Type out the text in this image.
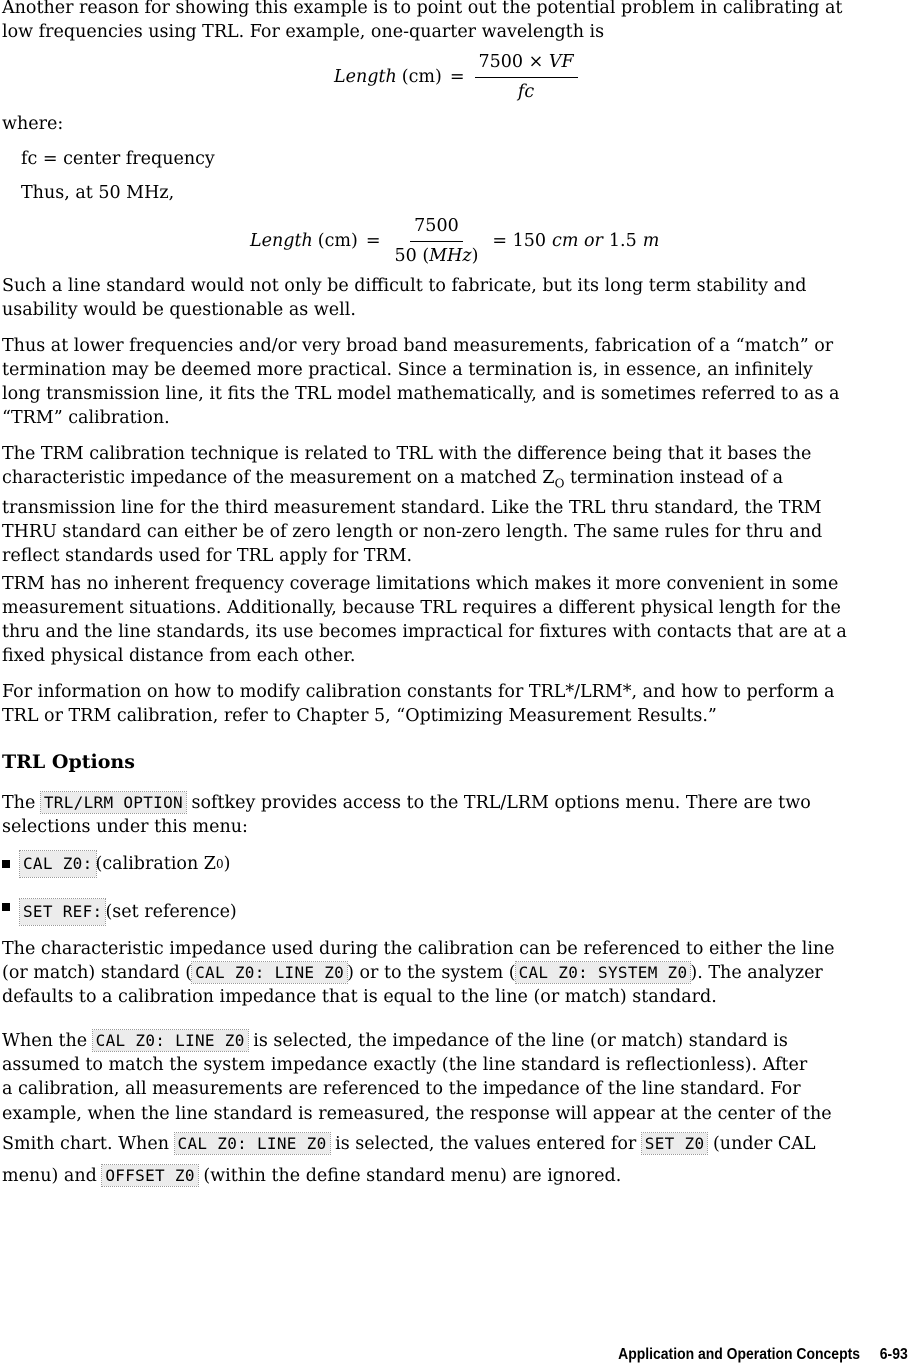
Another reason for showing this example is to point out the potential problem in calibrating at
low frequencies using TRL. For example, one-quarter wavelength is

Length $(cm) = \frac{7500 \times VF}{fc}$

where:

fc = center frequency

Thus, at 50 MHz,

Length $(cm) = \frac{7500}{\text{50 (MHz)}} = 150$ cm or 1.5 m

Such a line standard would not only be difficult to fabricate, but its long term stability and
usability would be questionable as well.

Thus at lower frequencies and/or very broad band measurements, fabrication of a “match” or
termination may be deemed more practical. Since a termination is, in essence, an infinitely
long transmission line, it fits the TRL model mathematically, and is sometimes referred to as a
“TRM” calibration.

The TRM calibration technique is related to TRL with the difference being that it bases the
characteristic impedance of the measurement on a matched $Z_O$ termination instead of a
transmission line for the third measurement standard. Like the TRL thru standard, the TRM
THRU standard can either be of zero length or non-zero length. The same rules for thru and
reflect standards used for TRL apply for TRM.

TRM has no inherent frequency coverage limitations which makes it more convenient in some
measurement situations. Additionally, because TRL requires a different physical length for the
thru and the line standards, its use becomes impractical for fixtures with contacts that are at a
fixed physical distance from each other.

For information on how to modify calibration constants for TRL*/LRM*, and how to perform a
TRL or TRM calibration, refer to Chapter 5, “Optimizing Measurement Results.”

TRL Options

The TRL/LRM OPTION softkey provides access to the TRL/LRM options menu. There are two
selections under this menu:

CAL Z0: (calibration Z 0 )
SET REF: (set reference)

The characteristic impedance used during the calibration can be referenced to either the line
(or match) standard ( CAL Z0: LINE Z0 ) or to the system ( CAL Z0: SYSTEM Z0 ). The analyzer
defaults to a calibration impedance that is equal to the line (or match) standard.

When the CAL Z0: LINE Z0 is selected, the impedance of the line (or match) standard is
assumed to match the system impedance exactly (the line standard is reflectionless). After
a calibration, all measurements are referenced to the impedance of the line standard. For
example, when the line standard is remeasured, the response will appear at the center of the
Smith chart. When CAL Z0: LINE Z0 is selected, the values entered for SET Z0 (under CAL
menu) and OFFSET Z0 (within the define standard menu) are ignored.

Application and Operation Concepts 6-93
